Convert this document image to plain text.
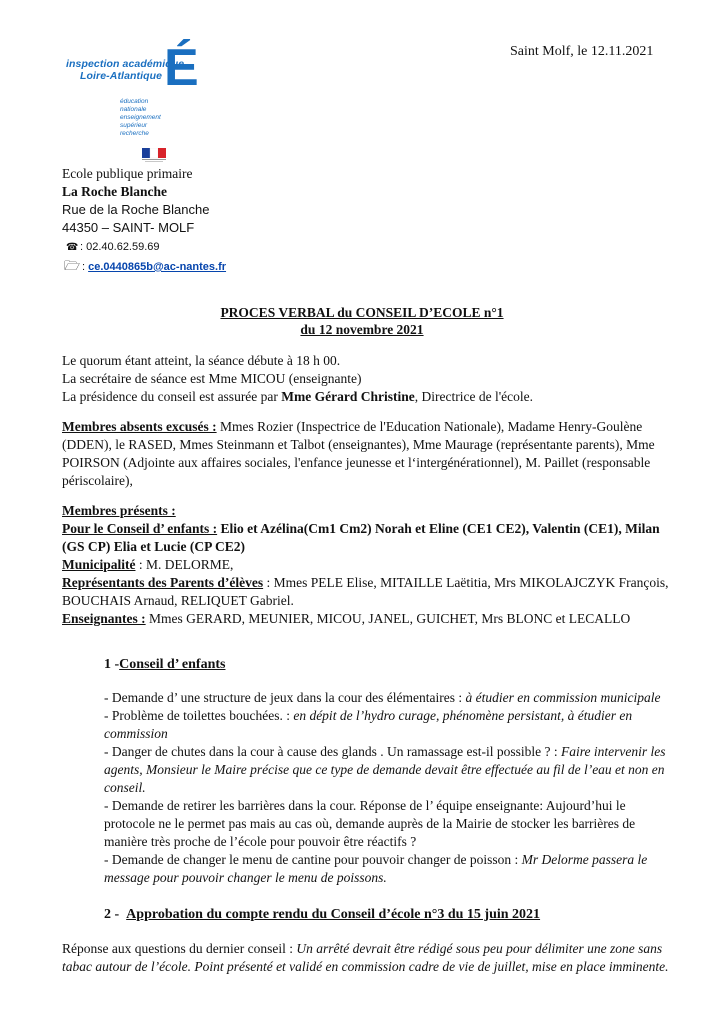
Saint Molf, le 12.11.2021
inspection académique
Loire-Atlantique É
éducation
nationale
enseignement
supérieur
recherche
Ecole publique primaire
La Roche Blanche
Rue de la Roche Blanche
44350 – SAINT- MOLF
☎ : 02.40.62.59.69
🗁 : ce.0440865b@ac-nantes.fr
PROCES VERBAL du CONSEIL D’ECOLE n°1
du 12 novembre 2021

Le quorum étant atteint, la séance débute à 18 h 00.

La secrétaire de séance est Mme MICOU (enseignante)

La présidence du conseil est assurée par Mme Gérard Christine, Directrice de l'école.

Membres absents excusés : Mmes Rozier (Inspectrice de l'Education Nationale), Madame Henry-Goulène (DDEN), le RASED, Mmes Steinmann et Talbot (enseignantes), Mme Maurage (représentante parents), Mme POIRSON (Adjointe aux affaires sociales, l'enfance jeunesse et l‘intergénérationnel), M. Paillet (responsable périscolaire),

Membres présents :

Pour le Conseil d’ enfants : Elio et Azélina(Cm1 Cm2) Norah et Eline (CE1 CE2), Valentin (CE1), Milan (GS CP) Elia et Lucie (CP CE2)

Municipalité : M. DELORME,

Représentants des Parents d’élèves : Mmes PELE Elise, MITAILLE Laëtitia, Mrs MIKOLAJCZYK François, BOUCHAIS Arnaud, RELIQUET Gabriel.

Enseignantes : Mmes GERARD, MEUNIER, MICOU, JANEL, GUICHET, Mrs BLONC et LECALLO

1 -Conseil d’ enfants

- Demande d’ une structure de jeux dans la cour des élémentaires : à étudier en commission municipale

- Problème de toilettes bouchées. : en dépit de l’hydro curage, phénomène persistant, à étudier en commission

- Danger de chutes dans la cour à cause des glands . Un ramassage est-il possible ? : Faire intervenir les agents, Monsieur le Maire précise que ce type de demande devait être effectuée au fil de l’eau et non en conseil.

- Demande de retirer les barrières dans la cour. Réponse de l’ équipe enseignante: Aujourd’hui le protocole ne le permet pas mais au cas où, demande auprès de la Mairie de stocker les barrières de manière très proche de l’école pour pouvoir être réactifs ?

- Demande de changer le menu de cantine pour pouvoir changer de poisson : Mr Delorme passera le message pour pouvoir changer le menu de poissons.

2 - Approbation du compte rendu du Conseil d’école n°3 du 15 juin 2021

Réponse aux questions du dernier conseil : Un arrêté devrait être rédigé sous peu pour délimiter une zone sans tabac autour de l’école. Point présenté et validé en commission cadre de vie de juillet, mise en place imminente.
